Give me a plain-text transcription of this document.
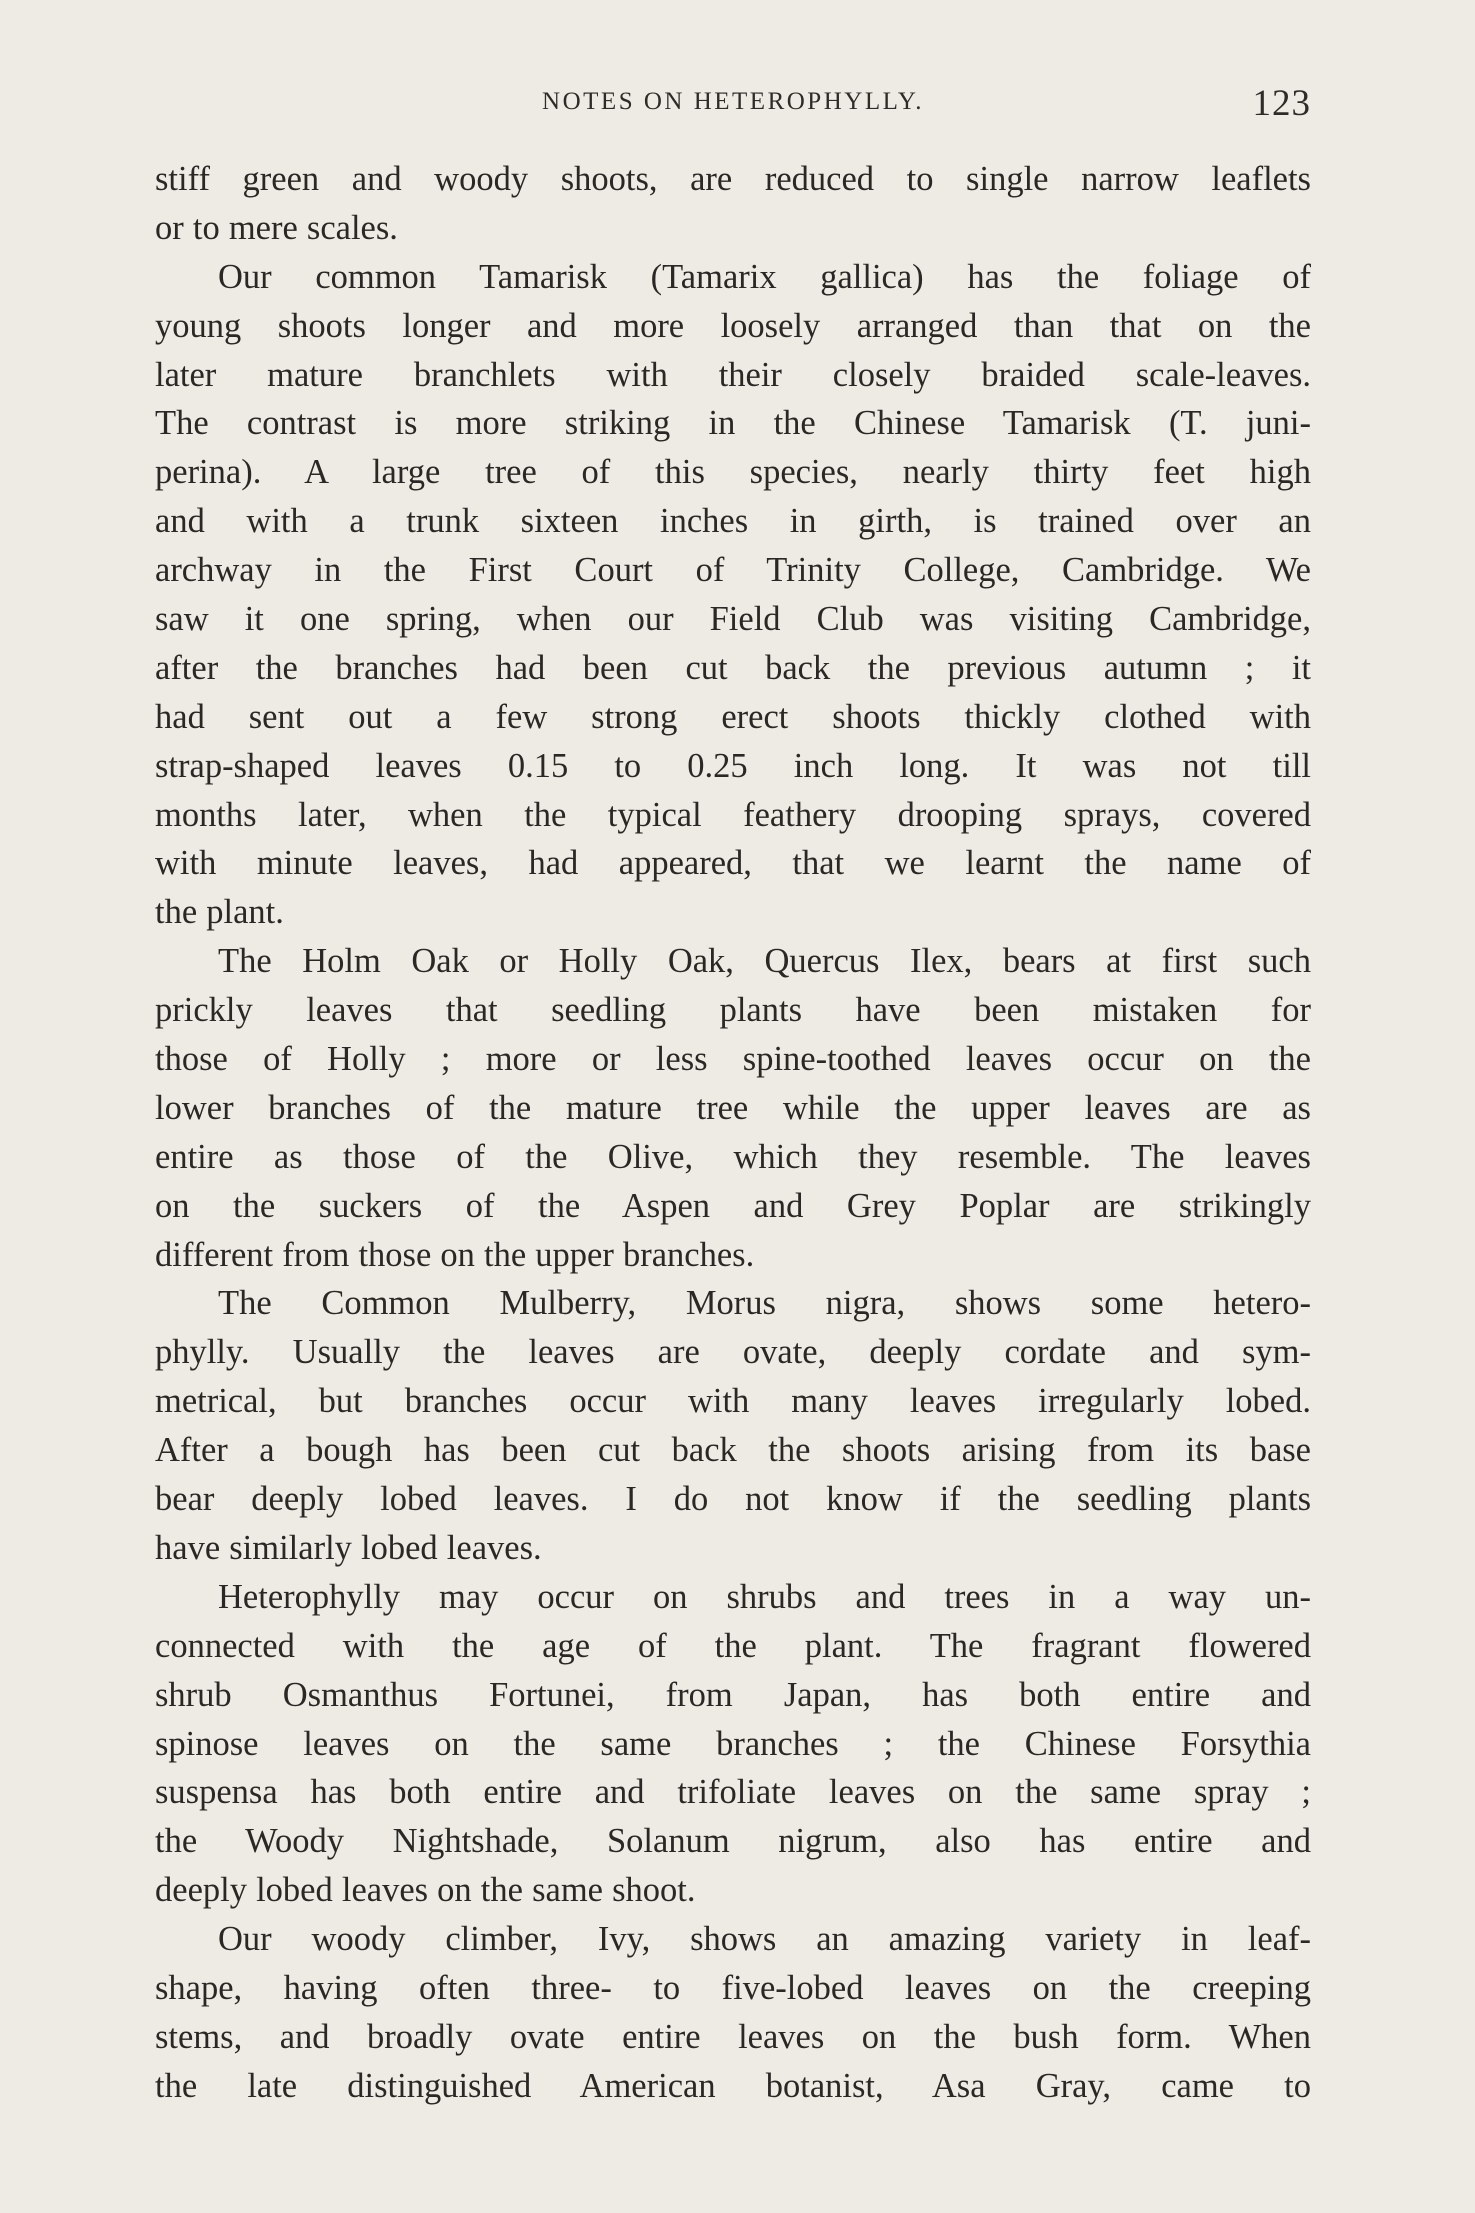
NOTES ON HETEROPHYLLY.	123
stiff green and woody shoots, are reduced to single narrow leaflets
or to mere scales.
Our common Tamarisk (Tamarix gallica) has the foliage of
young shoots longer and more loosely arranged than that on the
later mature branchlets with their closely braided scale-leaves.
The contrast is more striking in the Chinese Tamarisk (T. juni-
perina). A large tree of this species, nearly thirty feet high
and with a trunk sixteen inches in girth, is trained over an
archway in the First Court of Trinity College, Cambridge. We
saw it one spring, when our Field Club was visiting Cambridge,
after the branches had been cut back the previous autumn ; it
had sent out a few strong erect shoots thickly clothed with
strap-shaped leaves 0.15 to 0.25 inch long. It was not till
months later, when the typical feathery drooping sprays, covered
with minute leaves, had appeared, that we learnt the name of
the plant.
The Holm Oak or Holly Oak, Quercus Ilex, bears at first such
prickly leaves that seedling plants have been mistaken for
those of Holly ; more or less spine-toothed leaves occur on the
lower branches of the mature tree while the upper leaves are as
entire as those of the Olive, which they resemble. The leaves
on the suckers of the Aspen and Grey Poplar are strikingly
different from those on the upper branches.
The Common Mulberry, Morus nigra, shows some hetero-
phylly. Usually the leaves are ovate, deeply cordate and sym-
metrical, but branches occur with many leaves irregularly lobed.
After a bough has been cut back the shoots arising from its base
bear deeply lobed leaves. I do not know if the seedling plants
have similarly lobed leaves.
Heterophylly may occur on shrubs and trees in a way un-
connected with the age of the plant. The fragrant flowered
shrub Osmanthus Fortunei, from Japan, has both entire and
spinose leaves on the same branches ; the Chinese Forsythia
suspensa has both entire and trifoliate leaves on the same spray ;
the Woody Nightshade, Solanum nigrum, also has entire and
deeply lobed leaves on the same shoot.
Our woody climber, Ivy, shows an amazing variety in leaf-
shape, having often three- to five-lobed leaves on the creeping
stems, and broadly ovate entire leaves on the bush form. When
the late distinguished American botanist, Asa Gray, came to
